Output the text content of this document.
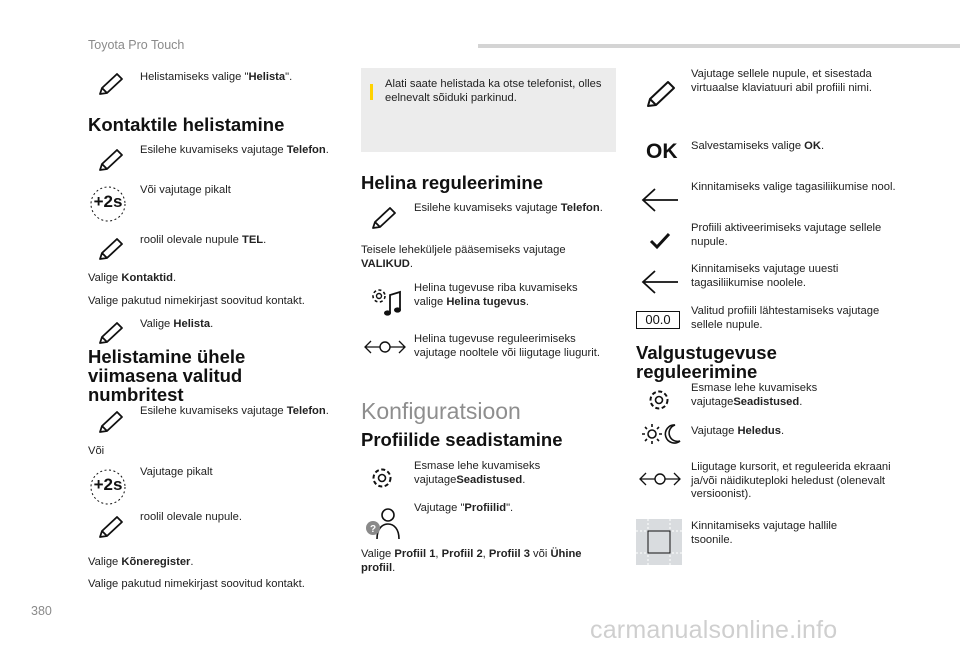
Toyota Pro Touch
Helistamiseks valige "Helista".
Kontaktile helistamine
Esilehe kuvamiseks vajutage Telefon.
+2s
Või vajutage pikalt
roolil olevale nupule TEL.
Valige Kontaktid.
Valige pakutud nimekirjast soovitud kontakt.
Valige Helista.
Helistamine ühele
viimasena valitud
numbritest
Esilehe kuvamiseks vajutage Telefon.
Või
+2s
Vajutage pikalt
roolil olevale nupule.
Valige Kõneregister.
Valige pakutud nimekirjast soovitud kontakt.
Alati saate helistada ka otse telefonist, olles eelnevalt sõiduki parkinud.
Helina reguleerimine
Esilehe kuvamiseks vajutage Telefon.
Teisele leheküljele pääsemiseks vajutage VALIKUD.
Helina tugevuse riba kuvamiseks valige Helina tugevus.
Helina tugevuse reguleerimiseks vajutage nooltele või liigutage liugurit.
Konfiguratsioon
Profiilide seadistamine
Esmase lehe kuvamiseks vajutageSeadistused.
?
Vajutage "Profiilid".
Valige Profiil 1, Profiil 2, Profiil 3 või Ühine profiil.
Vajutage sellele nupule, et sisestada virtuaalse klaviatuuri abil profiili nimi.
OK Salvestamiseks valige OK.
Kinnitamiseks valige tagasiliikumise nool.
Profiili aktiveerimiseks vajutage sellele nupule.
Kinnitamiseks vajutage uuesti tagasiliikumise noolele.
00.0
Valitud profiili lähtestamiseks vajutage sellele nupule.
Valgustugevuse
reguleerimine
Esmase lehe kuvamiseks vajutageSeadistused.
Vajutage Heledus.
Liigutage kursorit, et reguleerida ekraani ja/või näidikuteploki heledust (olenevalt versioonist).
Kinnitamiseks vajutage hallile tsoonile.
380
carmanualsonline.info
